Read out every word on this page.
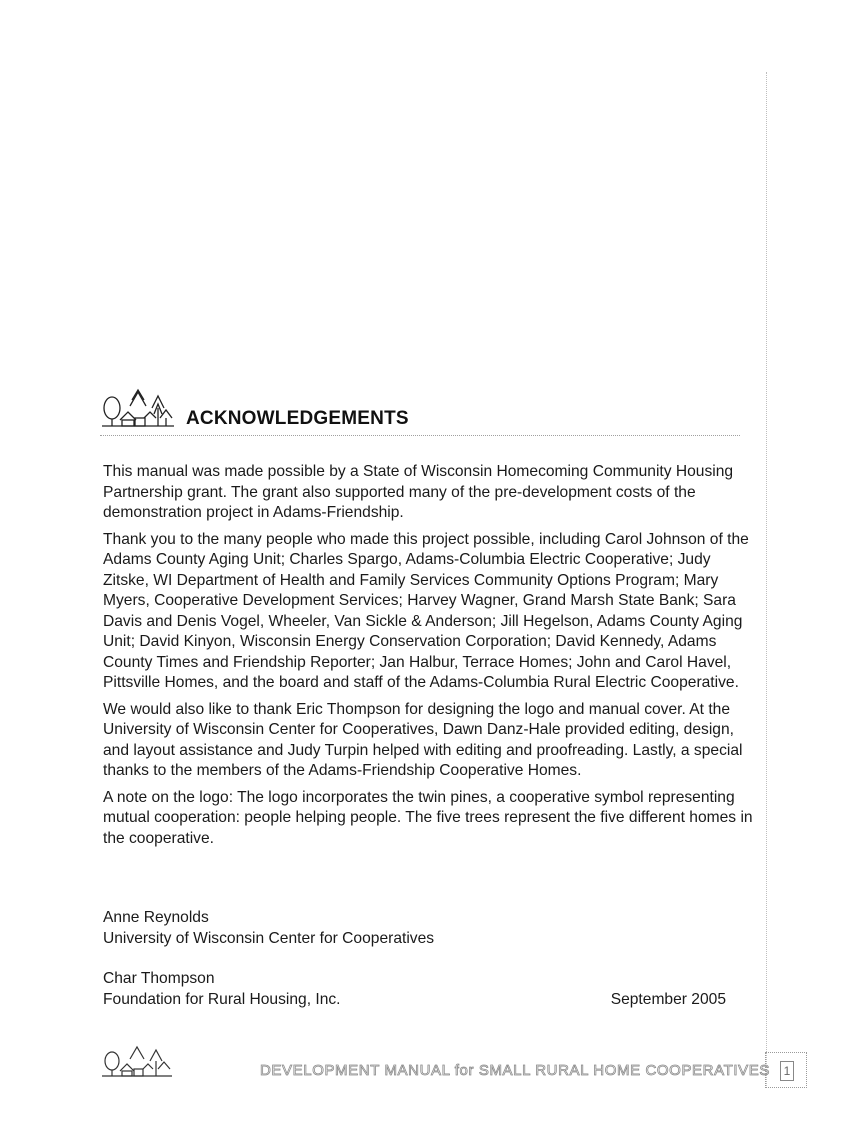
ACKNOWLEDGEMENTS

This manual was made possible by a State of Wisconsin Homecoming Community Housing Partnership grant. The grant also supported many of the pre-development costs of the demonstration project in Adams-Friendship.

Thank you to the many people who made this project possible, including Carol Johnson of the Adams County Aging Unit; Charles Spargo, Adams-Columbia Electric Cooperative; Judy Zitske, WI Department of Health and Family Services Community Options Program; Mary Myers, Cooperative Development Services; Harvey Wagner, Grand Marsh State Bank; Sara Davis and Denis Vogel, Wheeler, Van Sickle & Anderson; Jill Hegelson, Adams County Aging Unit; David Kinyon, Wisconsin Energy Conservation Corporation; David Kennedy, Adams County Times and Friendship Reporter; Jan Halbur, Terrace Homes; John and Carol Havel, Pittsville Homes, and the board and staff of the Adams-Columbia Rural Electric Cooperative.

We would also like to thank Eric Thompson for designing the logo and manual cover. At the University of Wisconsin Center for Cooperatives, Dawn Danz-Hale provided editing, design, and layout assistance and Judy Turpin helped with editing and proofreading. Lastly, a special thanks to the members of the Adams-Friendship Cooperative Homes.

A note on the logo: The logo incorporates the twin pines, a cooperative symbol representing mutual cooperation: people helping people. The five trees represent the five different homes in the cooperative.

Anne Reynolds
University of Wisconsin Center for Cooperatives
Char Thompson
Foundation for Rural Housing, Inc.	September 2005
DEVELOPMENT MANUAL for SMALL RURAL HOME COOPERATIVES	1
